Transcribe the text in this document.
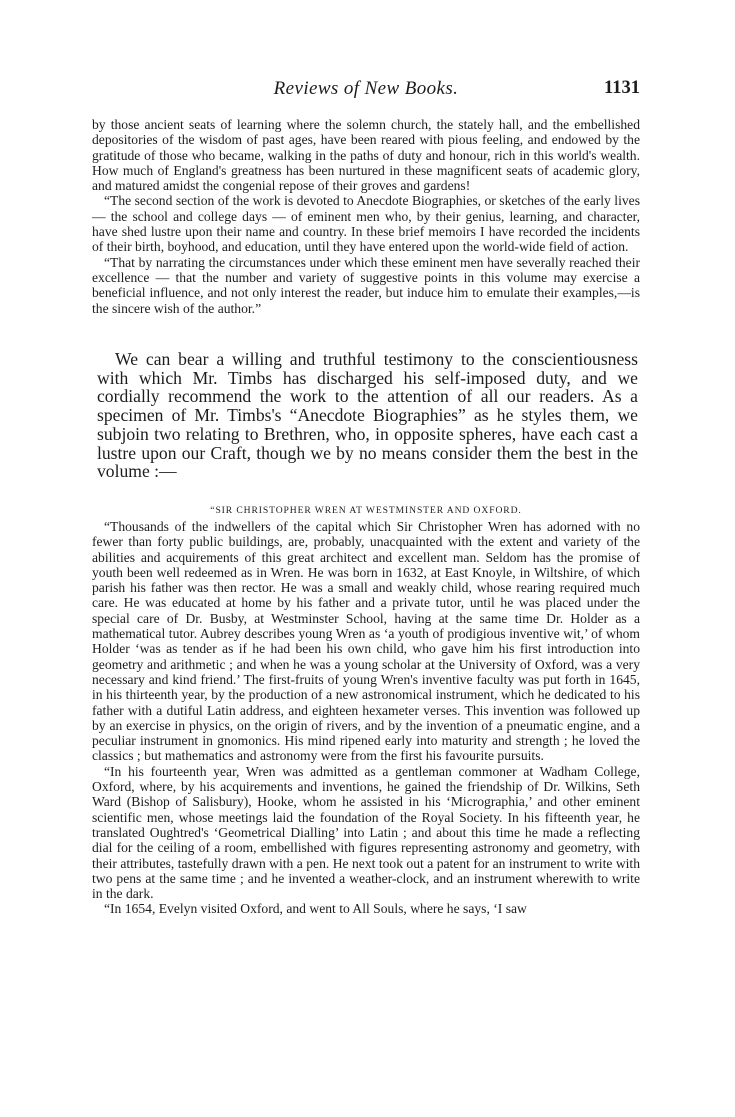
Reviews of New Books.	1131

by those ancient seats of learning where the solemn church, the stately hall, and the embellished depositories of the wisdom of past ages, have been reared with pious feeling, and endowed by the gratitude of those who became, walking in the paths of duty and honour, rich in this world's wealth. How much of England's greatness has been nurtured in these magnificent seats of academic glory, and matured amidst the congenial repose of their groves and gardens!

“The second section of the work is devoted to Anecdote Biographies, or sketches of the early lives — the school and college days — of eminent men who, by their genius, learning, and character, have shed lustre upon their name and country. In these brief memoirs I have recorded the incidents of their birth, boyhood, and education, until they have entered upon the world-wide field of action.

“That by narrating the circumstances under which these eminent men have severally reached their excellence — that the number and variety of suggestive points in this volume may exercise a beneficial influence, and not only interest the reader, but induce him to emulate their examples,—is the sincere wish of the author.”

We can bear a willing and truthful testimony to the conscientiousness with which Mr. Timbs has discharged his self-imposed duty, and we cordially recommend the work to the attention of all our readers. As a specimen of Mr. Timbs's “Anecdote Biographies” as he styles them, we subjoin two relating to Brethren, who, in opposite spheres, have each cast a lustre upon our Craft, though we by no means consider them the best in the volume :—

“SIR CHRISTOPHER WREN AT WESTMINSTER AND OXFORD.

“Thousands of the indwellers of the capital which Sir Christopher Wren has adorned with no fewer than forty public buildings, are, probably, unacquainted with the extent and variety of the abilities and acquirements of this great architect and excellent man. Seldom has the promise of youth been well redeemed as in Wren. He was born in 1632, at East Knoyle, in Wiltshire, of which parish his father was then rector. He was a small and weakly child, whose rearing required much care. He was educated at home by his father and a private tutor, until he was placed under the special care of Dr. Busby, at Westminster School, having at the same time Dr. Holder as a mathematical tutor. Aubrey describes young Wren as ‘a youth of prodigious inventive wit,’ of whom Holder ‘was as tender as if he had been his own child, who gave him his first introduction into geometry and arithmetic ; and when he was a young scholar at the University of Oxford, was a very necessary and kind friend.’ The first-fruits of young Wren's inventive faculty was put forth in 1645, in his thirteenth year, by the production of a new astronomical instrument, which he dedicated to his father with a dutiful Latin address, and eighteen hexameter verses. This invention was followed up by an exercise in physics, on the origin of rivers, and by the invention of a pneumatic engine, and a peculiar instrument in gnomonics. His mind ripened early into maturity and strength ; he loved the classics ; but mathematics and astronomy were from the first his favourite pursuits.

“In his fourteenth year, Wren was admitted as a gentleman commoner at Wadham College, Oxford, where, by his acquirements and inventions, he gained the friendship of Dr. Wilkins, Seth Ward (Bishop of Salisbury), Hooke, whom he assisted in his ‘Micrographia,’ and other eminent scientific men, whose meetings laid the foundation of the Royal Society. In his fifteenth year, he translated Oughtred's ‘Geometrical Dialling’ into Latin ; and about this time he made a reflecting dial for the ceiling of a room, embellished with figures representing astronomy and geometry, with their attributes, tastefully drawn with a pen. He next took out a patent for an instrument to write with two pens at the same time ; and he invented a weather-clock, and an instrument wherewith to write in the dark.

“In 1654, Evelyn visited Oxford, and went to All Souls, where he says, ‘I saw
